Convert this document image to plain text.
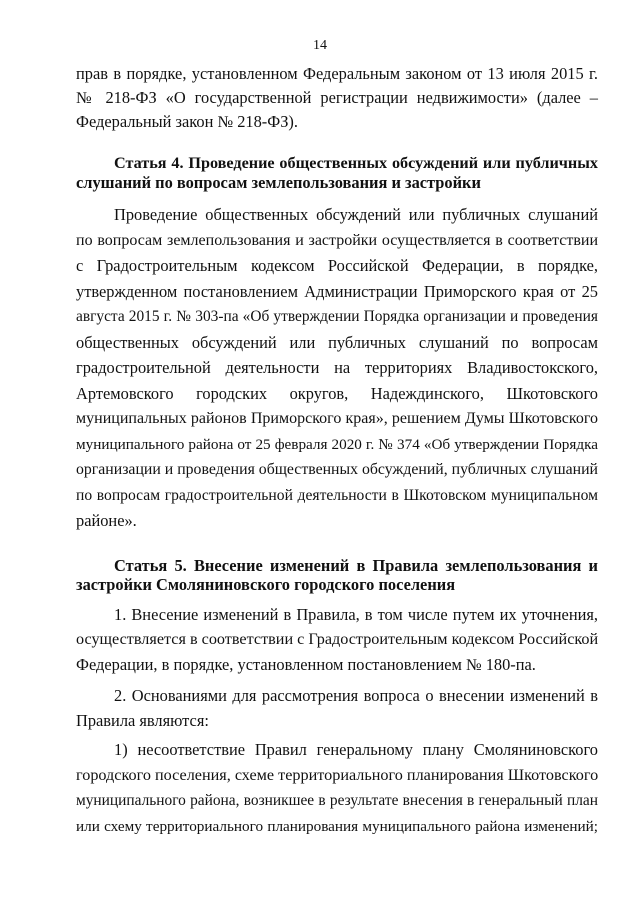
14
прав в порядке, установленном Федеральным законом от 13 июля 2015 г.
№ 218-ФЗ «О государственной регистрации недвижимости» (далее –
Федеральный закон № 218-ФЗ).
Статья 4. Проведение общественных обсуждений или публичных
слушаний по вопросам землепользования и застройки
Проведение общественных обсуждений или публичных слушаний
по вопросам землепользования и застройки осуществляется в соответствии
с Градостроительным кодексом Российской Федерации, в порядке,
утвержденном постановлением Администрации Приморского края от 25
августа 2015 г. № 303-па «Об утверждении Порядка организации и проведения
общественных обсуждений или публичных слушаний по вопросам
градостроительной деятельности на территориях Владивостокского,
Артемовского городских округов, Надеждинского, Шкотовского
муниципальных районов Приморского края», решением Думы Шкотовского
муниципального района от 25 февраля 2020 г. № 374 «Об утверждении Порядка
организации и проведения общественных обсуждений, публичных слушаний
по вопросам градостроительной деятельности в Шкотовском муниципальном
районе».
Статья 5. Внесение изменений в Правила землепользования и
застройки Смоляниновского городского поселения
1. Внесение изменений в Правила, в том числе путем их уточнения,
осуществляется в соответствии с Градостроительным кодексом Российской
Федерации, в порядке, установленном постановлением № 180-па.
2. Основаниями для рассмотрения вопроса о внесении изменений в
Правила являются:
1) несоответствие Правил генеральному плану Смоляниновского
городского поселения, схеме территориального планирования Шкотовского
муниципального района, возникшее в результате внесения в генеральный план
или схему территориального планирования муниципального района изменений;
